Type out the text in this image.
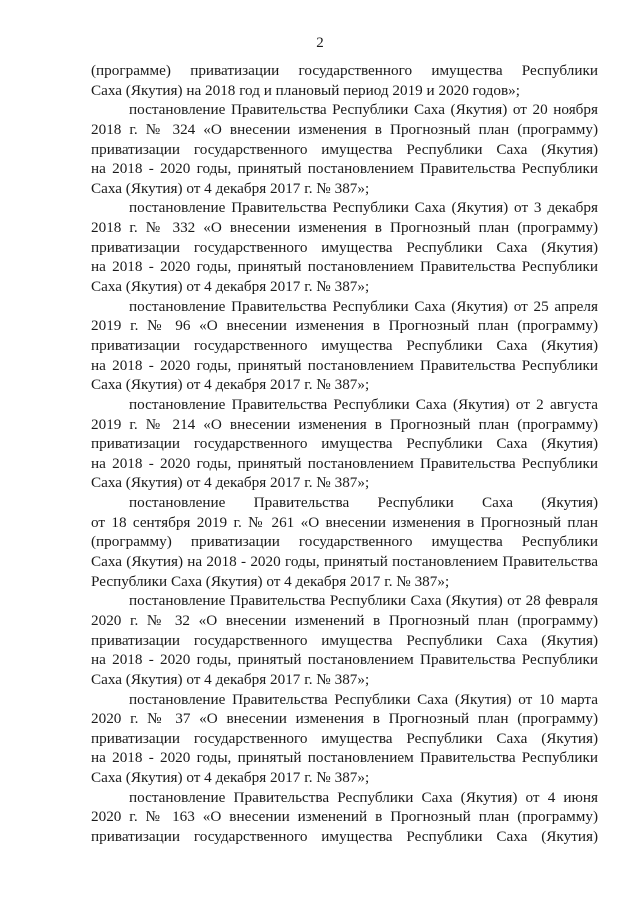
2
(программе) приватизации государственного имущества Республики
Саха (Якутия) на 2018 год и плановый период 2019 и 2020 годов»;
постановление Правительства Республики Саха (Якутия) от 20 ноября
2018 г. № 324 «О внесении изменения в Прогнозный план (программу)
приватизации государственного имущества Республики Саха (Якутия)
на 2018 - 2020 годы, принятый постановлением Правительства Республики
Саха (Якутия) от 4 декабря 2017 г. № 387»;
постановление Правительства Республики Саха (Якутия) от 3 декабря
2018 г. № 332 «О внесении изменения в Прогнозный план (программу)
приватизации государственного имущества Республики Саха (Якутия)
на 2018 - 2020 годы, принятый постановлением Правительства Республики
Саха (Якутия) от 4 декабря 2017 г. № 387»;
постановление Правительства Республики Саха (Якутия) от 25 апреля
2019 г. № 96 «О внесении изменения в Прогнозный план (программу)
приватизации государственного имущества Республики Саха (Якутия)
на 2018 - 2020 годы, принятый постановлением Правительства Республики
Саха (Якутия) от 4 декабря 2017 г. № 387»;
постановление Правительства Республики Саха (Якутия) от 2 августа
2019 г. № 214 «О внесении изменения в Прогнозный план (программу)
приватизации государственного имущества Республики Саха (Якутия)
на 2018 - 2020 годы, принятый постановлением Правительства Республики
Саха (Якутия) от 4 декабря 2017 г. № 387»;
постановление Правительства Республики Саха (Якутия)
от 18 сентября 2019 г. № 261 «О внесении изменения в Прогнозный план
(программу) приватизации государственного имущества Республики
Саха (Якутия) на 2018 - 2020 годы, принятый постановлением Правительства
Республики Саха (Якутия) от 4 декабря 2017 г. № 387»;
постановление Правительства Республики Саха (Якутия) от 28 февраля
2020 г. № 32 «О внесении изменений в Прогнозный план (программу)
приватизации государственного имущества Республики Саха (Якутия)
на 2018 - 2020 годы, принятый постановлением Правительства Республики
Саха (Якутия) от 4 декабря 2017 г. № 387»;
постановление Правительства Республики Саха (Якутия) от 10 марта
2020 г. № 37 «О внесении изменения в Прогнозный план (программу)
приватизации государственного имущества Республики Саха (Якутия)
на 2018 - 2020 годы, принятый постановлением Правительства Республики
Саха (Якутия) от 4 декабря 2017 г. № 387»;
постановление Правительства Республики Саха (Якутия) от 4 июня
2020 г. № 163 «О внесении изменений в Прогнозный план (программу)
приватизации государственного имущества Республики Саха (Якутия)
